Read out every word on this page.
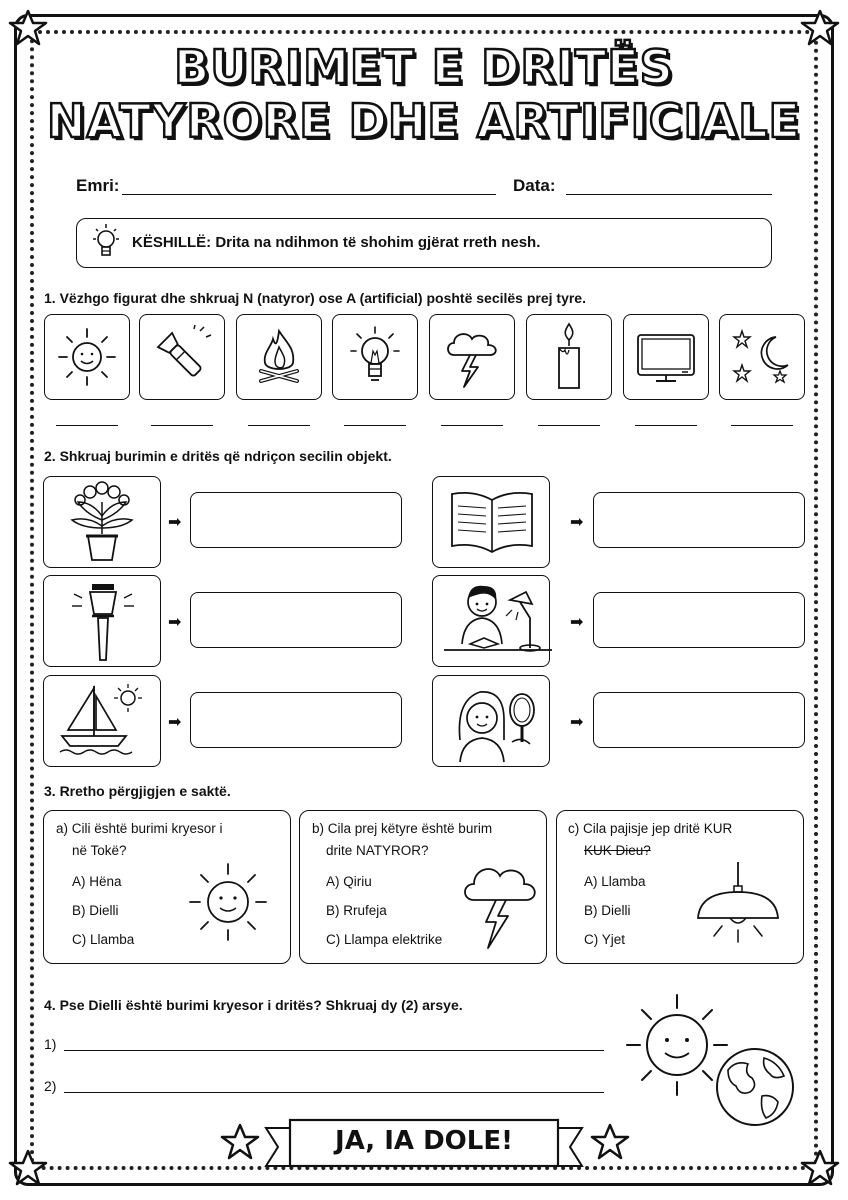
BURIMET E DRITËS
NATYRORE DHE ARTIFICIALE
Emri:	Data:
KËSHILLË: Drita na ndihmon të shohim gjërat rreth nesh.
1. Vëzhgo figurat dhe shkruaj N (natyror) ose A (artificial) poshtë secilës prej tyre.
2. Shkruaj burimin e dritës që ndriçon secilin objekt.
➡	➡
➡	➡
➡	➡
3. Rretho përgjigjen e saktë.
a) Cili është burimi kryesor i
në Tokë?
A) Hëna
B) Dielli
C) Llamba
b) Cila prej këtyre është burim
drite NATYROR?
A) Qiriu
B) Rrufeja
C) Llampa elektrike
c) Cila pajisje jep dritë KUR
KUK Dieu?
A) Llamba
B) Dielli
C) Yjet
4. Pse Dielli është burimi kryesor i dritës? Shkruaj dy (2) arsye.
1)
2)
JA, IA DOLE!
